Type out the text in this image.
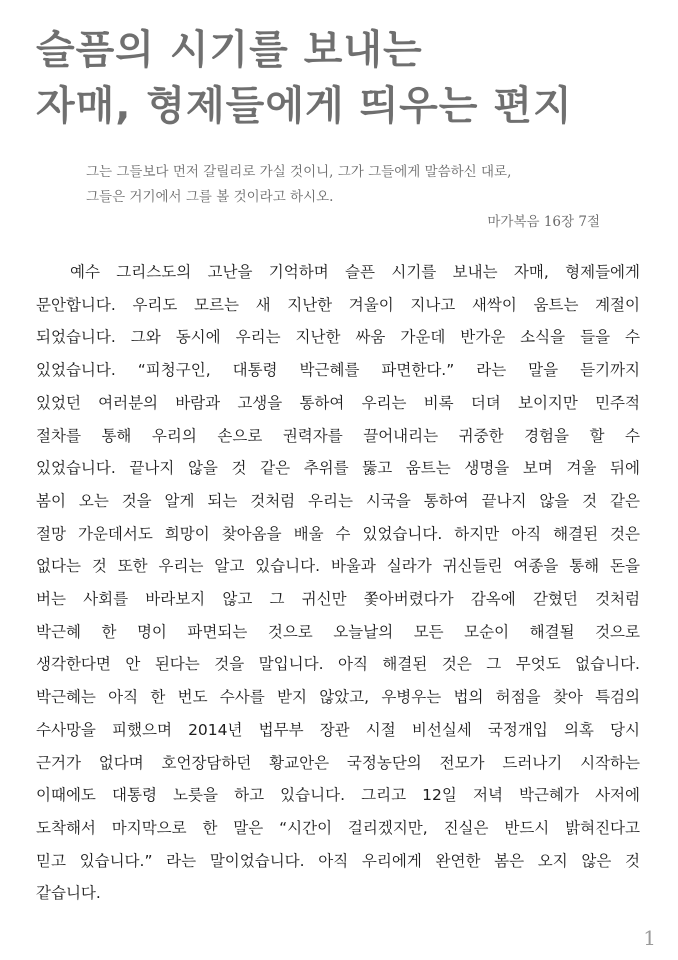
슬픔의 시기를 보내는
자매, 형제들에게 띄우는 편지
그는 그들보다 먼저 갈릴리로 가실 것이니, 그가 그들에게 말씀하신 대로,
그들은 거기에서 그를 볼 것이라고 하시오.
마가복음 16장 7절
예수 그리스도의 고난을 기억하며 슬픈 시기를 보내는 자매, 형제들에게
문안합니다. 우리도 모르는 새 지난한 겨울이 지나고 새싹이 움트는 계절이
되었습니다. 그와 동시에 우리는 지난한 싸움 가운데 반가운 소식을 들을 수
있었습니다. “피청구인, 대통령 박근혜를 파면한다.” 라는 말을 듣기까지
있었던 여러분의 바람과 고생을 통하여 우리는 비록 더뎌 보이지만 민주적
절차를 통해 우리의 손으로 권력자를 끌어내리는 귀중한 경험을 할 수
있었습니다. 끝나지 않을 것 같은 추위를 뚫고 움트는 생명을 보며 겨울 뒤에
봄이 오는 것을 알게 되는 것처럼 우리는 시국을 통하여 끝나지 않을 것 같은
절망 가운데서도 희망이 찾아옴을 배울 수 있었습니다. 하지만 아직 해결된 것은
없다는 것 또한 우리는 알고 있습니다. 바울과 실라가 귀신들린 여종을 통해 돈을
버는 사회를 바라보지 않고 그 귀신만 쫓아버렸다가 감옥에 갇혔던 것처럼
박근혜 한 명이 파면되는 것으로 오늘날의 모든 모순이 해결될 것으로
생각한다면 안 된다는 것을 말입니다. 아직 해결된 것은 그 무엇도 없습니다.
박근혜는 아직 한 번도 수사를 받지 않았고, 우병우는 법의 허점을 찾아 특검의
수사망을 피했으며 2014년 법무부 장관 시절 비선실세 국정개입 의혹 당시
근거가 없다며 호언장담하던 황교안은 국정농단의 전모가 드러나기 시작하는
이때에도 대통령 노릇을 하고 있습니다. 그리고 12일 저녁 박근혜가 사저에
도착해서 마지막으로 한 말은 “시간이 걸리겠지만, 진실은 반드시 밝혀진다고
믿고 있습니다.” 라는 말이었습니다. 아직 우리에게 완연한 봄은 오지 않은 것
같습니다.
1
